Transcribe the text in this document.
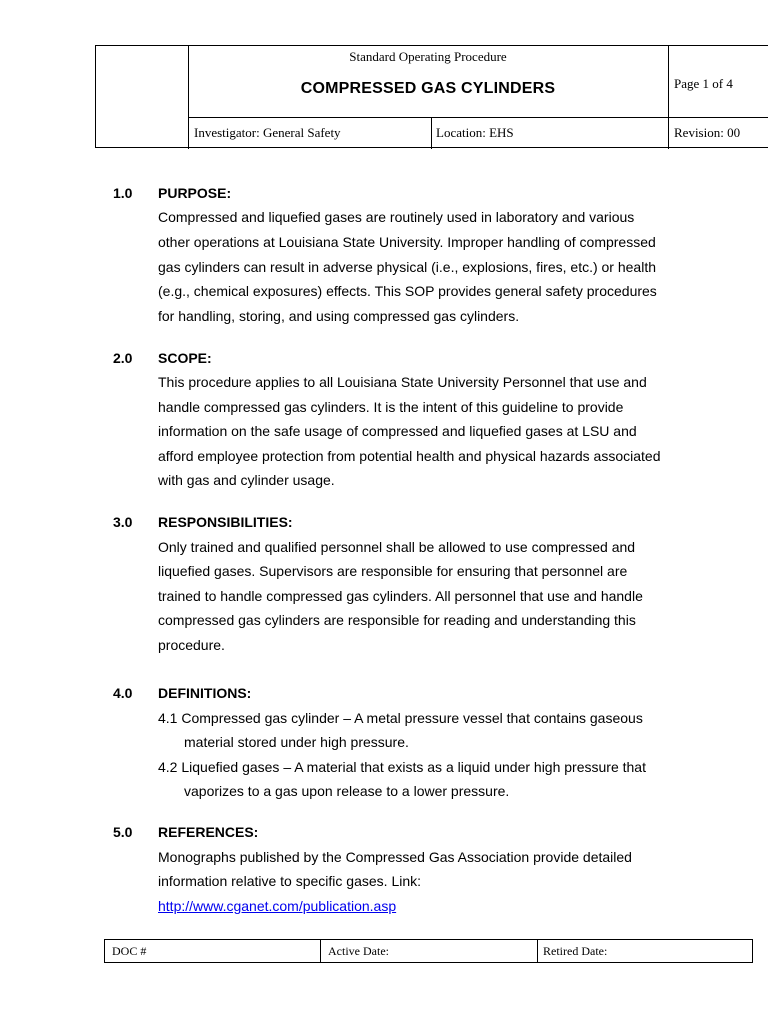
Standard Operating Procedure
COMPRESSED GAS CYLINDERS	Page 1 of 4
Investigator: General Safety	Location: EHS	Revision: 00
1.0 PURPOSE:
Compressed and liquefied gases are routinely used in laboratory and various
other operations at Louisiana State University. Improper handling of compressed
gas cylinders can result in adverse physical (i.e., explosions, fires, etc.) or health
(e.g., chemical exposures) effects. This SOP provides general safety procedures
for handling, storing, and using compressed gas cylinders.
2.0 SCOPE:
This procedure applies to all Louisiana State University Personnel that use and
handle compressed gas cylinders. It is the intent of this guideline to provide
information on the safe usage of compressed and liquefied gases at LSU and
afford employee protection from potential health and physical hazards associated
with gas and cylinder usage.
3.0 RESPONSIBILITIES:
Only trained and qualified personnel shall be allowed to use compressed and
liquefied gases. Supervisors are responsible for ensuring that personnel are
trained to handle compressed gas cylinders. All personnel that use and handle
compressed gas cylinders are responsible for reading and understanding this
procedure.
4.0 DEFINITIONS:
4.1 Compressed gas cylinder – A metal pressure vessel that contains gaseous
material stored under high pressure.
4.2 Liquefied gases – A material that exists as a liquid under high pressure that
vaporizes to a gas upon release to a lower pressure.
5.0 REFERENCES:
Monographs published by the Compressed Gas Association provide detailed
information relative to specific gases. Link:
http://www.cganet.com/publication.asp
DOC #	Active Date:	Retired Date:
